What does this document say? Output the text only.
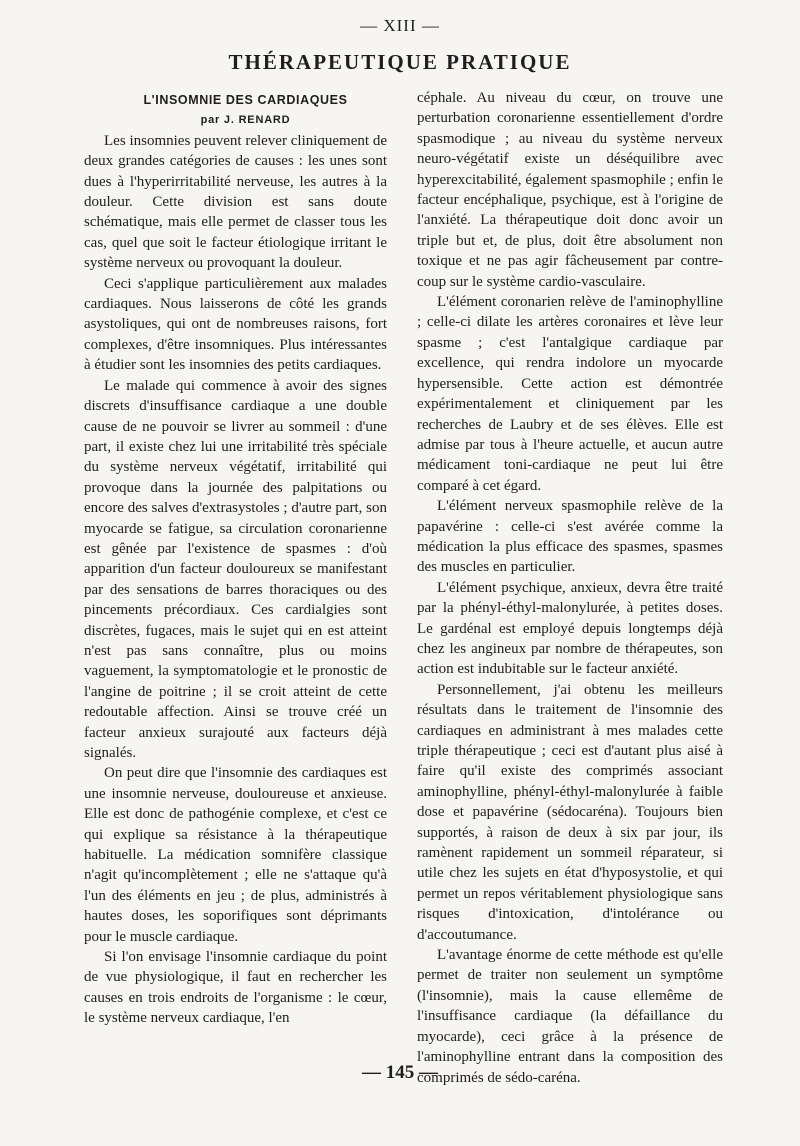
— XIII —
THÉRAPEUTIQUE PRATIQUE

L'INSOMNIE DES CARDIAQUES

par J. RENARD

Les insomnies peuvent relever cliniquement de deux grandes catégories de causes : les unes sont dues à l'hyperirritabilité nerveuse, les autres à la douleur. Cette division est sans doute schématique, mais elle permet de classer tous les cas, quel que soit le facteur étiologique irritant le système nerveux ou provoquant la douleur.

Ceci s'applique particulièrement aux malades cardiaques. Nous laisserons de côté les grands asystoliques, qui ont de nombreuses raisons, fort complexes, d'être insomniques. Plus intéressantes à étudier sont les insomnies des petits cardiaques.

Le malade qui commence à avoir des signes discrets d'insuffisance cardiaque a une double cause de ne pouvoir se livrer au sommeil : d'une part, il existe chez lui une irritabilité très spéciale du système nerveux végétatif, irritabilité qui provoque dans la journée des palpitations ou encore des salves d'extrasystoles ; d'autre part, son myocarde se fatigue, sa circulation coronarienne est gênée par l'existence de spasmes : d'où apparition d'un facteur douloureux se manifestant par des sensations de barres thoraciques ou des pincements précordiaux. Ces cardialgies sont discrètes, fugaces, mais le sujet qui en est atteint n'est pas sans connaître, plus ou moins vaguement, la symptomatologie et le pronostic de l'angine de poitrine ; il se croit atteint de cette redoutable affection. Ainsi se trouve créé un facteur anxieux surajouté aux facteurs déjà signalés.

On peut dire que l'insomnie des cardiaques est une insomnie nerveuse, douloureuse et anxieuse. Elle est donc de pathogénie complexe, et c'est ce qui explique sa résistance à la thérapeutique habituelle. La médication somnifère classique n'agit qu'incomplètement ; elle ne s'attaque qu'à l'un des éléments en jeu ; de plus, administrés à hautes doses, les soporifiques sont déprimants pour le muscle cardiaque.

Si l'on envisage l'insomnie cardiaque du point de vue physiologique, il faut en rechercher les causes en trois endroits de l'organisme : le cœur, le système nerveux cardiaque, l'en

céphale. Au niveau du cœur, on trouve une perturbation coronarienne essentiellement d'ordre spasmodique ; au niveau du système nerveux neuro-végétatif existe un déséquilibre avec hyperexcitabilité, également spasmophile ; enfin le facteur encéphalique, psychique, est à l'origine de l'anxiété. La thérapeutique doit donc avoir un triple but et, de plus, doit être absolument non toxique et ne pas agir fâcheusement par contre-coup sur le système cardio-vasculaire.

L'élément coronarien relève de l'aminophylline ; celle-ci dilate les artères coronaires et lève leur spasme ; c'est l'antalgique cardiaque par excellence, qui rendra indolore un myocarde hypersensible. Cette action est démontrée expérimentalement et cliniquement par les recherches de Laubry et de ses élèves. Elle est admise par tous à l'heure actuelle, et aucun autre médicament toni-cardiaque ne peut lui être comparé à cet égard.

L'élément nerveux spasmophile relève de la papavérine : celle-ci s'est avérée comme la médication la plus efficace des spasmes, spasmes des muscles en particulier.

L'élément psychique, anxieux, devra être traité par la phényl-éthyl-malonylurée, à petites doses. Le gardénal est employé depuis longtemps déjà chez les angineux par nombre de thérapeutes, son action est indubitable sur le facteur anxiété.

Personnellement, j'ai obtenu les meilleurs résultats dans le traitement de l'insomnie des cardiaques en administrant à mes malades cette triple thérapeutique ; ceci est d'autant plus aisé à faire qu'il existe des comprimés associant aminophylline, phényl-éthyl-malonylurée à faible dose et papavérine (sédocaréna). Toujours bien supportés, à raison de deux à six par jour, ils ramènent rapidement un sommeil réparateur, si utile chez les sujets en état d'hyposystolie, et qui permet un repos véritablement physiologique sans risques d'intoxication, d'intolérance ou d'accoutumance.

L'avantage énorme de cette méthode est qu'elle permet de traiter non seulement un symptôme (l'insomnie), mais la cause ellemême de l'insuffisance cardiaque (la défaillance du myocarde), ceci grâce à la présence de l'aminophylline entrant dans la composition des comprimés de sédo-caréna.

— 145 —
